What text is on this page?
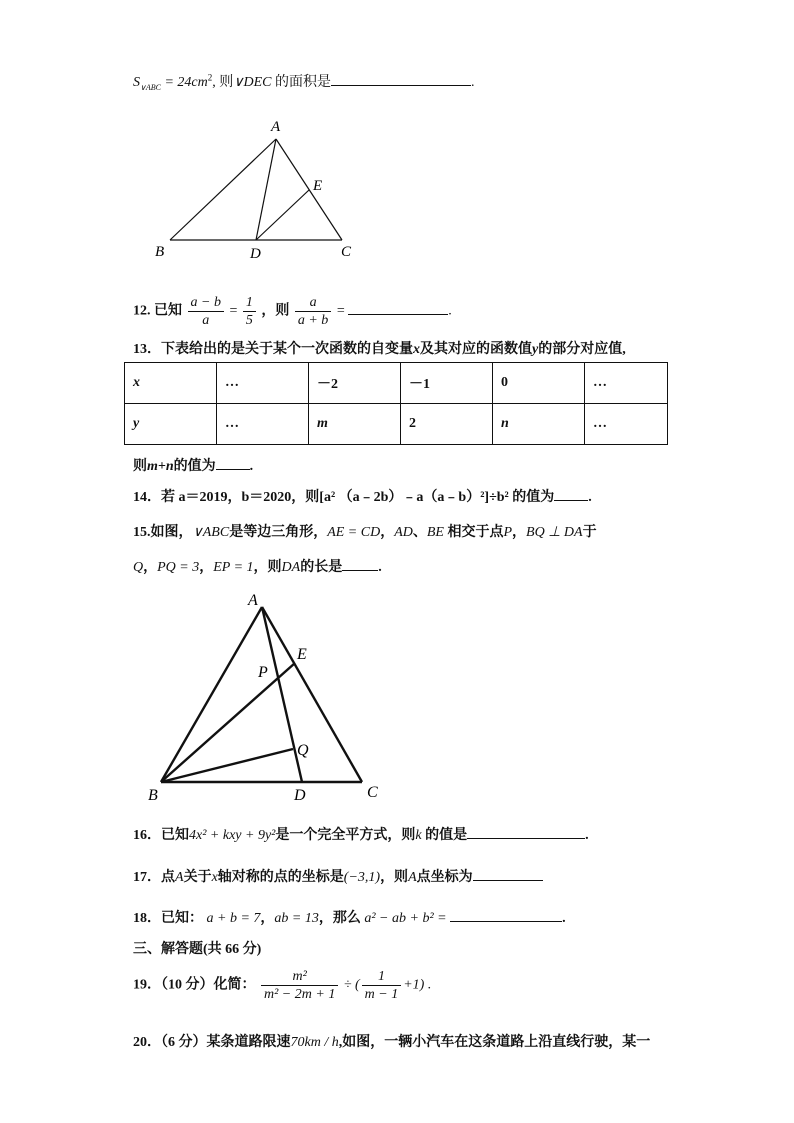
$S_{\vee ABC} = 24cm^2$, 则∨DEC 的面积是	.
A
B	C
D
E
12. 已知 $\frac{a - b}{a} = \frac{1}{5}$ ，则 $\frac{a}{a + b}$ =	.
13．下表给出的是关于某个一次函数的自变量x及其对应的函数值y的部分对应值,
x	…	－2	－1	0	…
y	…	m	2	n	…
则m+n的值为 .
14．若 a＝2019，b＝2020，则[a² （a﹣2b）﹣a（a﹣b）²]÷b² 的值为 .
15.如图，∨ABC是等边三角形，AE = CD，AD、BE 相交于点P，BQ ⊥ DA于
Q，PQ = 3，EP = 1，则DA的长是	.
A
B	C
D
E
P
Q
16．已知4x² + kxy + 9y²是一个完全平方式，则k 的值是	.
17．点A关于x轴对称的点的坐标是(−3,1)，则A点坐标为
18．已知： a + b = 7，ab = 13，那么 a² − ab + b² =	.
三、解答题(共 66 分)
19．（10 分）化简： $\frac{\text{m²}}{\text{m² − 2m + 1}}$ ÷ ( $\frac{1}{m - 1} +1$) .
20．（6 分）某条道路限速70km / h,如图，一辆小汽车在这条道路上沿直线行驶，某一
